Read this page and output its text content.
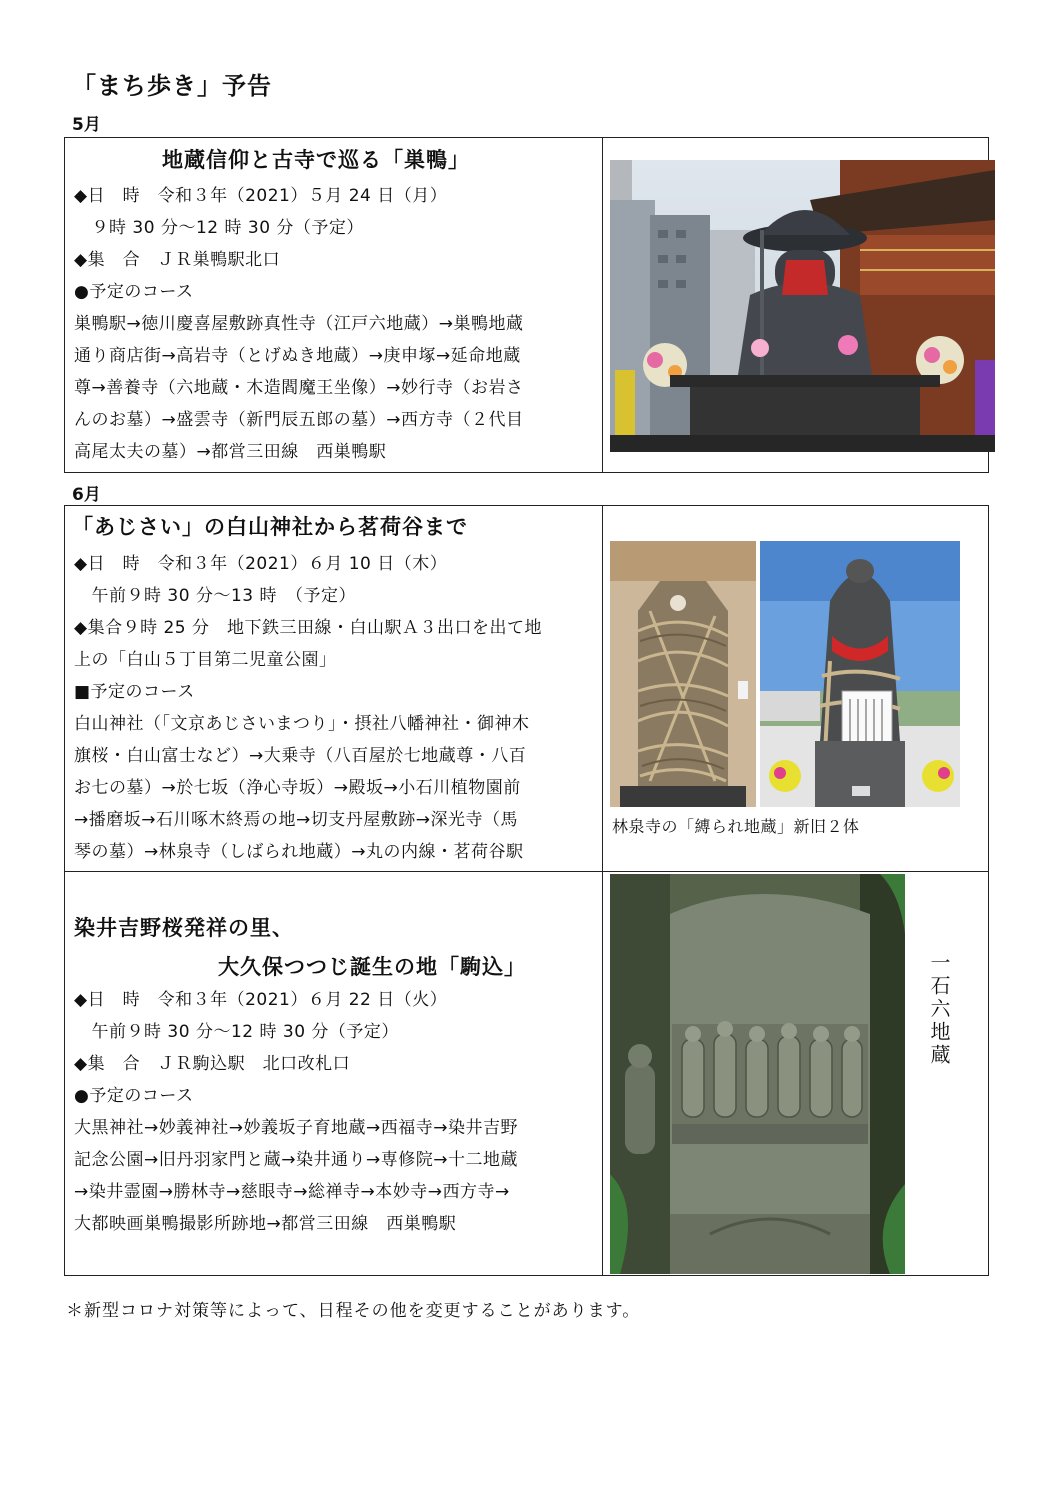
「まち歩き」予告
5月
地蔵信仰と古寺で巡る「巣鴨」
◆日　時　令和３年（2021）５月 24 日（月）
　９時 30 分～12 時 30 分（予定）
◆集　合　ＪＲ巣鴨駅北口
●予定のコース
巣鴨駅→徳川慶喜屋敷跡真性寺（江戸六地蔵）→巣鴨地蔵
通り商店街→高岩寺（とげぬき地蔵）→庚申塚→延命地蔵
尊→善養寺（六地蔵・木造閻魔王坐像）→妙行寺（お岩さ
んのお墓）→盛雲寺（新門辰五郎の墓）→西方寺（２代目
高尾太夫の墓）→都営三田線　西巣鴨駅
6月
「あじさい」の白山神社から茗荷谷まで
◆日　時　令和３年（2021）６月 10 日（木）
　午前９時 30 分～13 時　（予定）
◆集合９時 25 分　地下鉄三田線・白山駅Ａ３出口を出て地
上の「白山５丁目第二児童公園」
■予定のコース
白山神社（「文京あじさいまつり」・摂社八幡神社・御神木
旗桜・白山富士など）→大乗寺（八百屋於七地蔵尊・八百
お七の墓）→於七坂（浄心寺坂）→殿坂→小石川植物園前
→播磨坂→石川啄木終焉の地→切支丹屋敷跡→深光寺（馬
琴の墓）→林泉寺（しばられ地蔵）→丸の内線・茗荷谷駅
林泉寺の「縛られ地蔵」新旧２体
染井吉野桜発祥の里、
大久保つつじ誕生の地「駒込」
◆日　時　令和３年（2021）６月 22 日（火）
　午前９時 30 分～12 時 30 分（予定）
◆集　合　ＪＲ駒込駅　北口改札口
●予定のコース
大黒神社→妙義神社→妙義坂子育地蔵→西福寺→染井吉野
記念公園→旧丹羽家門と蔵→染井通り→専修院→十二地蔵
→染井霊園→勝林寺→慈眼寺→総禅寺→本妙寺→西方寺→
大都映画巣鴨撮影所跡地→都営三田線　西巣鴨駅
一石六地蔵
＊新型コロナ対策等によって、日程その他を変更することがあります。
